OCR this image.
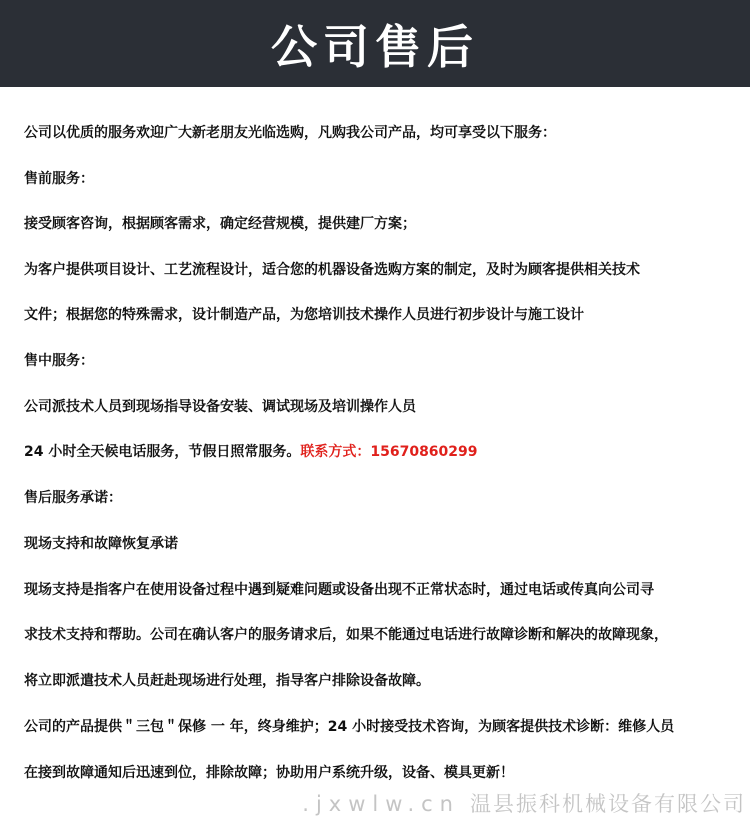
公司售后
公司以优质的服务欢迎广大新老朋友光临选购，凡购我公司产品，均可享受以下服务：
售前服务：
接受顾客咨询，根据顾客需求，确定经营规模，提供建厂方案；
为客户提供项目设计、工艺流程设计，适合您的机器设备选购方案的制定，及时为顾客提供相关技术
文件；根据您的特殊需求，设计制造产品，为您培训技术操作人员进行初步设计与施工设计
售中服务：
公司派技术人员到现场指导设备安装、调试现场及培训操作人员
24 小时全天候电话服务，节假日照常服务。联系方式：15670860299
售后服务承诺：
现场支持和故障恢复承诺
现场支持是指客户在使用设备过程中遇到疑难问题或设备出现不正常状态时，通过电话或传真向公司寻
求技术支持和帮助。公司在确认客户的服务请求后，如果不能通过电话进行故障诊断和解决的故障现象，
将立即派遣技术人员赶赴现场进行处理，指导客户排除设备故障。
公司的产品提供＂三包＂保修 一 年，终身维护；24 小时接受技术咨询，为顾客提供技术诊断：维修人员
在接到故障通知后迅速到位，排除故障；协助用户系统升级，设备、模具更新！
.jxwlw.cn 温县振科机械设备有限公司
